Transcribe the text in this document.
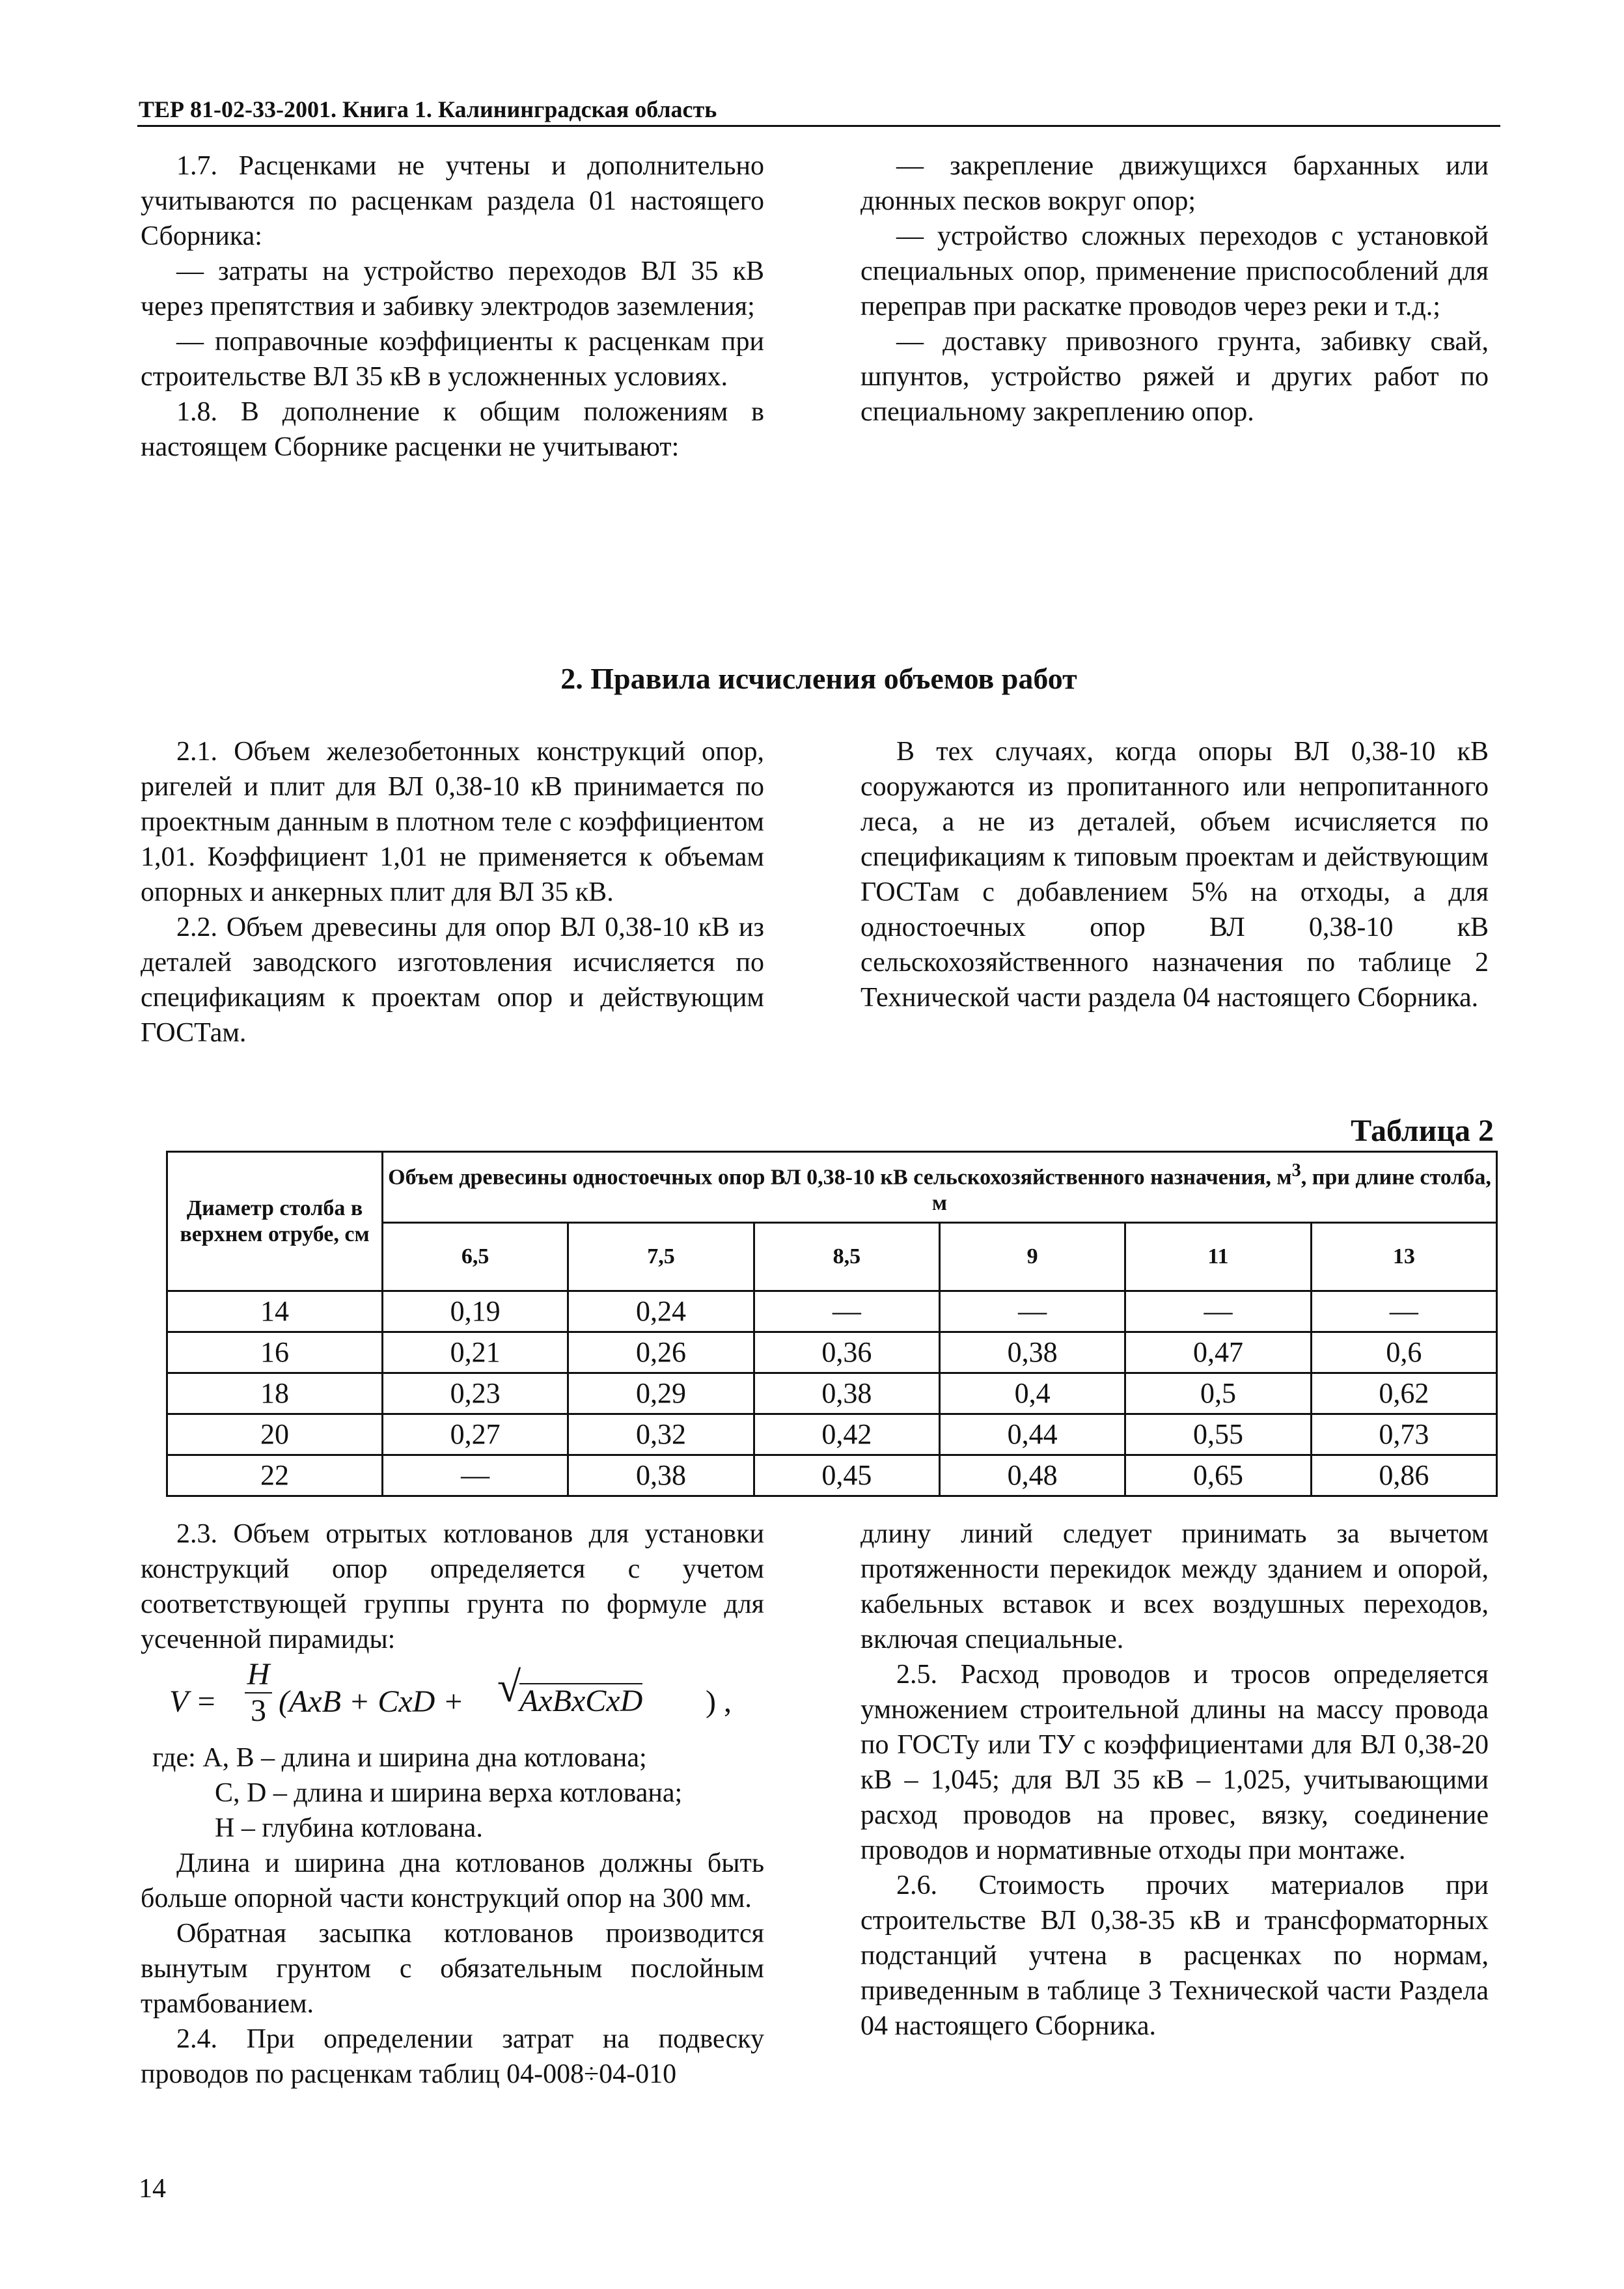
ТЕР 81-02-33-2001. Книга 1. Калининградская область

1.7. Расценками не учтены и дополнительно учитываются по расценкам раздела 01 настоящего Сборника:

— затраты на устройство переходов ВЛ 35 кВ через препятствия и забивку электродов заземления;

— поправочные коэффициенты к расценкам при строительстве ВЛ 35 кВ в усложненных условиях.

1.8. В дополнение к общим положениям в настоящем Сборнике расценки не учитывают:

— закрепление движущихся барханных или дюнных песков вокруг опор;

— устройство сложных переходов с установкой специальных опор, применение приспособлений для переправ при раскатке проводов через реки и т.д.;

— доставку привозного грунта, забивку свай, шпунтов, устройство ряжей и других работ по специальному закреплению опор.

2. Правила исчисления объемов работ

2.1. Объем железобетонных конструкций опор, ригелей и плит для ВЛ 0,38-10 кВ принимается по проектным данным в плотном теле с коэффициентом 1,01. Коэффициент 1,01 не применяется к объемам опорных и анкерных плит для ВЛ 35 кВ.

2.2. Объем древесины для опор ВЛ 0,38-10 кВ из деталей заводского изготовления исчисляется по спецификациям к проектам опор и действующим ГОСТам.

В тех случаях, когда опоры ВЛ 0,38-10 кВ сооружаются из пропитанного или непропитанного леса, а не из деталей, объем исчисляется по спецификациям к типовым проектам и действующим ГОСТам с добавлением 5% на отходы, а для одностоечных опор ВЛ 0,38-10 кВ сельскохозяйственного назначения по таблице 2 Технической части раздела 04 настоящего Сборника.

Таблица 2
Диаметр столба в верхнем отрубе, см	Объем древесины одностоечных опор ВЛ 0,38-10 кВ сельскохозяйственного назначения, $м^3$, при длине столба, м					
	6,5	7,5	8,5	9	11	13
14	0,19	0,24	—	—	—	—
16	0,21	0,26	0,36	0,38	0,47	0,6
18	0,23	0,29	0,38	0,4	0,5	0,62
20	0,27	0,32	0,42	0,44	0,55	0,73
22	—	0,38	0,45	0,48	0,65	0,86

2.3. Объем отрытых котлованов для установки конструкций опор определяется с учетом соответствующей группы грунта по формуле для усеченной пирамиды:

$V = \frac{H}{3} (AxB$ + CxD + √
AxBxCxD ) ,

где: А, В – длина и ширина дна котлована;

С, D – длина и ширина верха котлована;

Н – глубина котлована.

Длина и ширина дна котлованов должны быть больше опорной части конструкций опор на 300 мм.

Обратная засыпка котлованов производится вынутым грунтом с обязательным послойным трамбованием.

2.4. При определении затрат на подвеску проводов по расценкам таблиц 04-008÷04-010

длину линий следует принимать за вычетом протяженности перекидок между зданием и опорой, кабельных вставок и всех воздушных переходов, включая специальные.

2.5. Расход проводов и тросов определяется умножением строительной длины на массу провода по ГОСТу или ТУ с коэффициентами для ВЛ 0,38-20 кВ – 1,045; для ВЛ 35 кВ – 1,025, учитывающими расход проводов на провес, вязку, соединение проводов и нормативные отходы при монтаже.

2.6. Стоимость прочих материалов при строительстве ВЛ 0,38-35 кВ и трансформаторных подстанций учтена в расценках по нормам, приведенным в таблице 3 Технической части Раздела 04 настоящего Сборника.

14
